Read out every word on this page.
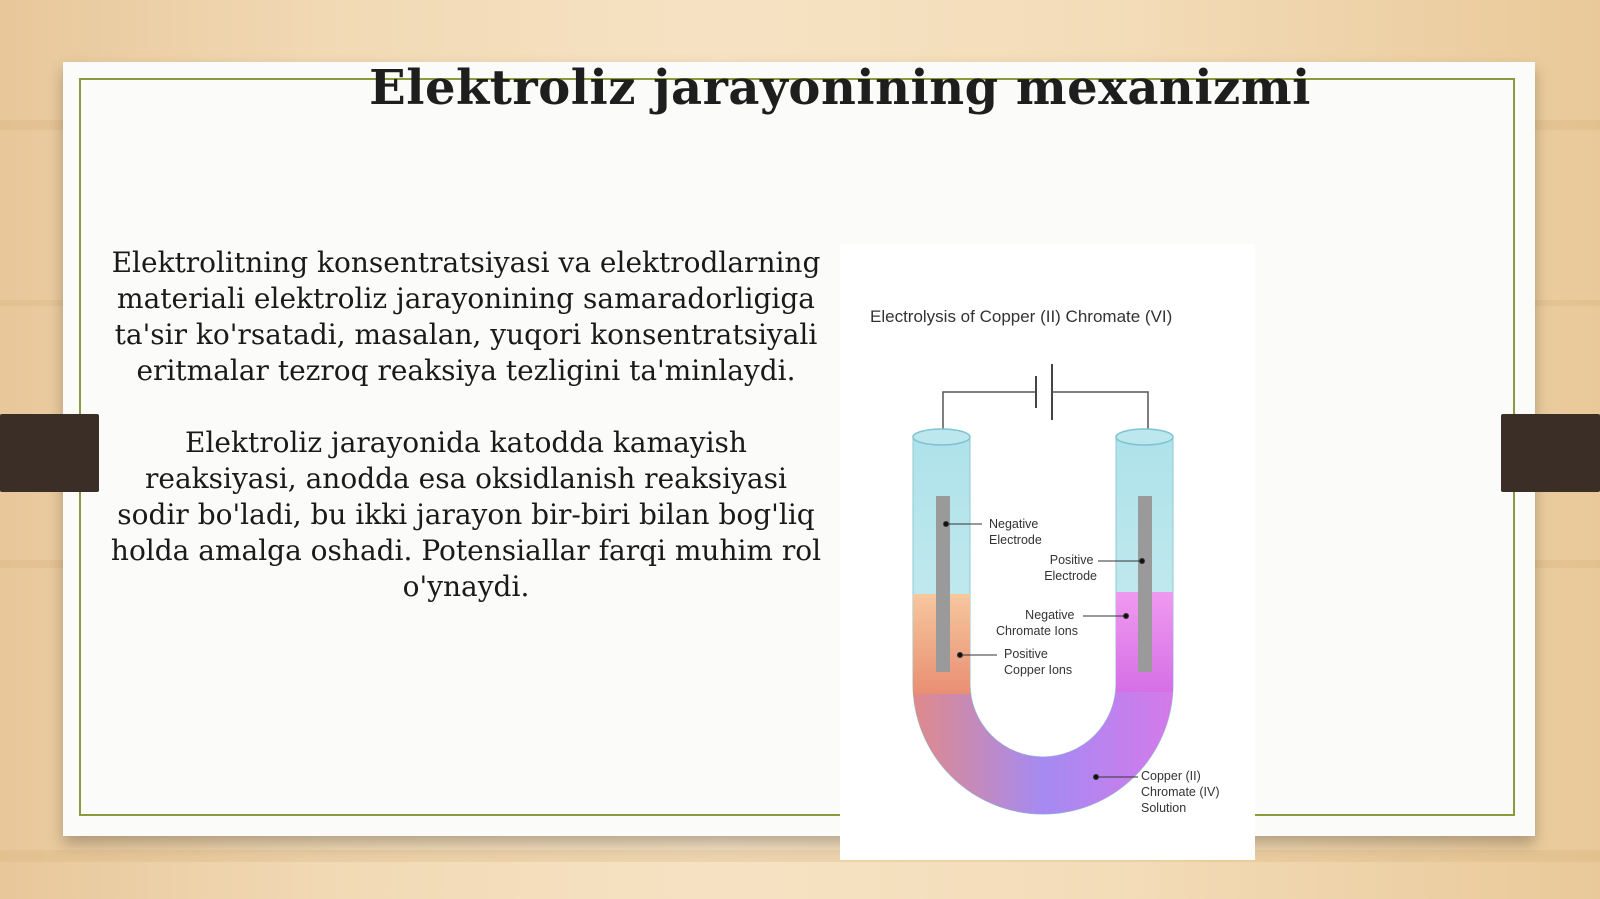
Elektroliz jarayonining mexanizmi

Elektrolitning konsentratsiyasi va elektrodlarning materiali elektroliz jarayonining samaradorligiga ta'sir ko'rsatadi, masalan, yuqori konsentratsiyali eritmalar tezroq reaksiya tezligini ta'minlaydi.

Elektroliz jarayonida katodda kamayish reaksiyasi, anodda esa oksidlanish reaksiyasi sodir bo'ladi, bu ikki jarayon bir-biri bilan bog'liq holda amalga oshadi. Potensiallar farqi muhim rol o'ynaydi.

Electrolysis of Copper (II) Chromate (VI)
Negative Electrode
Positive Electrode
Negative Chromate Ions
Positive Copper Ions
Copper (II) Chromate (IV) Solution
